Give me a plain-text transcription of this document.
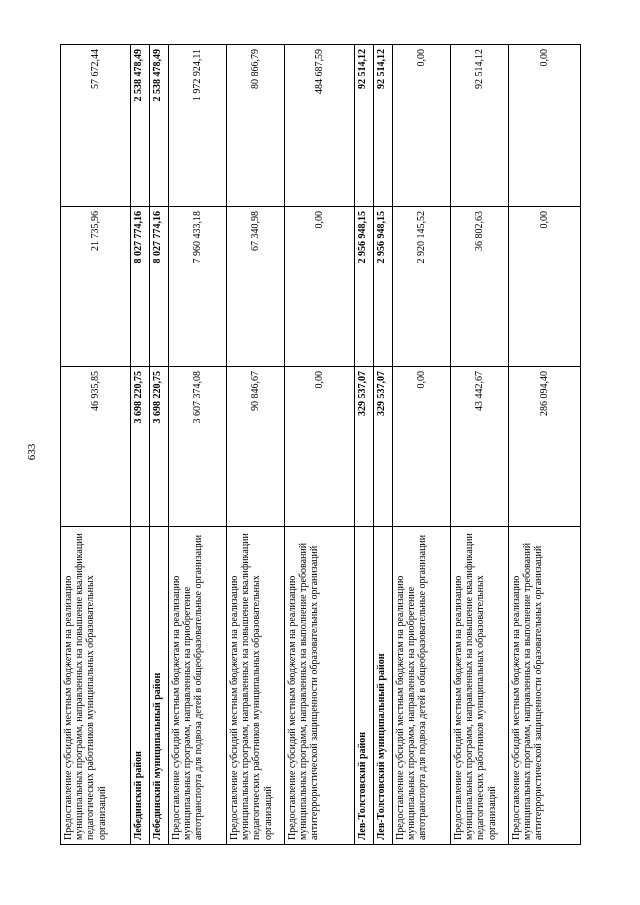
633
Предоставление субсидий местным бюджетам на реализацию муниципальных программ, направленных на повышение квалификации педагогических работников муниципальных образовательных организаций	46 935,85	21 735,96	57 672,44
Лебединский район	3 698 220,75	8 027 774,16	2 538 478,49
Лебединский муниципальный район	3 698 220,75	8 027 774,16	2 538 478,49
Предоставление субсидий местным бюджетам на реализацию муниципальных программ, направленных на приобретение автотранспорта для подвоза детей в общеобразовательные организации	3 607 374,08	7 960 433,18	1 972 924,11
Предоставление субсидий местным бюджетам на реализацию муниципальных программ, направленных на повышение квалификации педагогических работников муниципальных образовательных организаций	90 846,67	67 340,98	80 866,79
Предоставление субсидий местным бюджетам на реализацию муниципальных программ, направленных на выполнение требований антитеррористической защищенности образовательных организаций	0,00	0,00	484 687,59
Лев-Толстовский район	329 537,07	2 956 948,15	92 514,12
Лев-Толстовский муниципальный район	329 537,07	2 956 948,15	92 514,12
Предоставление субсидий местным бюджетам на реализацию муниципальных программ, направленных на приобретение автотранспорта для подвоза детей в общеобразовательные организации	0,00	2 920 145,52	0,00
Предоставление субсидий местным бюджетам на реализацию муниципальных программ, направленных на повышение квалификации педагогических работников муниципальных образовательных организаций	43 442,67	36 802,63	92 514,12
Предоставление субсидий местным бюджетам на реализацию муниципальных программ, направленных на выполнение требований антитеррористической защищенности образовательных организаций	286 094,40	0,00	0,00
